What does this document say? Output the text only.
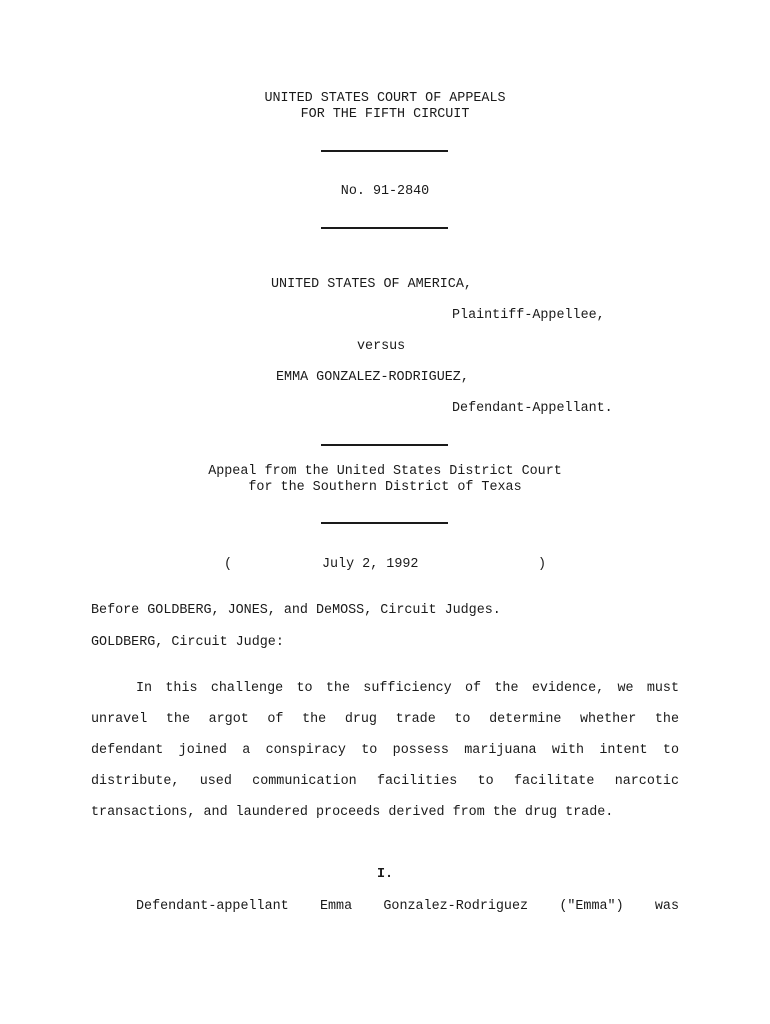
UNITED STATES COURT OF APPEALS
FOR THE FIFTH CIRCUIT
No. 91-2840
UNITED STATES OF AMERICA,
Plaintiff-Appellee,
versus
EMMA GONZALEZ-RODRIGUEZ,
Defendant-Appellant.
Appeal from the United States District Court
for the Southern District of Texas
(	July 2, 1992	)
Before GOLDBERG, JONES, and DeMOSS, Circuit Judges.
GOLDBERG, Circuit Judge:
In this challenge to the sufficiency of the evidence, we must
unravel the argot of the drug trade to determine whether the
defendant joined a conspiracy to possess marijuana with intent to
distribute, used communication facilities to facilitate narcotic
transactions, and laundered proceeds derived from the drug trade.
I.
Defendant-appellant Emma Gonzalez-Rodriguez ("Emma") was
